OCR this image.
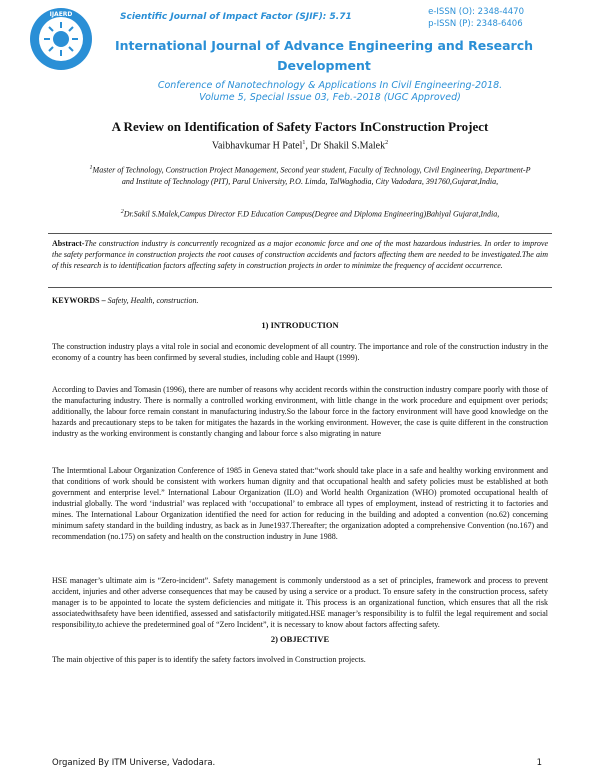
IJAERD	Scientific Journal of Impact Factor (SJIF): 5.71	e-ISSN (O): 2348-4470
p-ISSN (P): 2348-6406
International Journal of Advance Engineering and Research
Development
Conference of Nanotechnology & Applications In Civil Engineering-2018.
Volume 5, Special Issue 03, Feb.-2018 (UGC Approved)
A Review on Identification of Safety Factors InConstruction Project
Vaibhavkumar H Patel$^1$, Dr Shakil S.Malek$^2$
$^1$Master of Technology, Construction Project Management, Second year student, Faculty of Technology, Civil Engineering, Department-P and Institute of Technology (PIT), Parul University, P.O. Limda, TalWaghodia, City Vadodara, 391760,Gujarat,India,
$^2$Dr.Sakil S.Malek,Campus Director F.D Education Campus(Degree and Diploma Engineering)Bahiyal Gujarat,India,
Abstract-The construction industry is concurrently recognized as a major economic force and one of the most hazardous industries. In order to improve the safety performance in construction projects the root causes of construction accidents and factors affecting them are needed to be investigated.The aim of this research is to identification factors affecting safety in construction projects in order to minimize the frequency of accident occurrence.
KEYWORDS – Safety, Health, construction.
1) INTRODUCTION

The construction industry plays a vital role in social and economic development of all country. The importance and role of the construction industry in the economy of a country has been confirmed by several studies, including coble and Haupt (1999).

According to Davies and Tomasin (1996), there are number of reasons why accident records within the construction industry compare poorly with those of the manufacturing industry. There is normally a controlled working environment, with little change in the work procedure and equipment over periods; additionally, the labour force remain constant in manufacturing industry.So the labour force in the factory environment will have good knowledge on the hazards and precautionary steps to be taken for mitigates the hazards in the working environment. However, the case is quite different in the construction industry as the working environment is constantly changing and labour force s also migrating in nature

The Intermtional Labour Organization Conference of 1985 in Geneva stated that:“work should take place in a safe and healthy working environment and that conditions of work should be consistent with workers human dignity and that occupational health and safety policies must be established at both government and enterprise level.” International Labour Organization (ILO) and World health Organization (WHO) promoted occupational health of industrial globally. The word ‘industrial’ was replaced with ‘occupational’ to embrace all types of employment, instead of restricting it to factories and mines. The International Labour Organization identified the need for action for reducing in the building and adopted a convention (no.62) concerning minimum safety standard in the building industry, as back as in June1937.Thereafter; the organization adopted a comprehensive Convention (no.167) and recommendation (no.175) on safety and health on the construction industry in June 1988.

HSE manager’s ultimate aim is “Zero-incident”. Safety management is commonly understood as a set of principles, framework and process to prevent accident, injuries and other adverse consequences that may be caused by using a service or a product. To ensure safety in the construction process, safety manager is to be appointed to locate the system deficiencies and mitigate it. This process is an organizational function, which ensures that all the risk associatedwithsafety have been identified, assessed and satisfactorily mitigated.HSE manager’s responsibility is to fulfil the legal requirement and social responsibility,to achieve the predetermined goal of “Zero Incident”, it is necessary to know about factors affecting safety.

2) OBJECTIVE

The main objective of this paper is to identify the safety factors involved in Construction projects.

Organized By ITM Universe, Vadodara.	1
